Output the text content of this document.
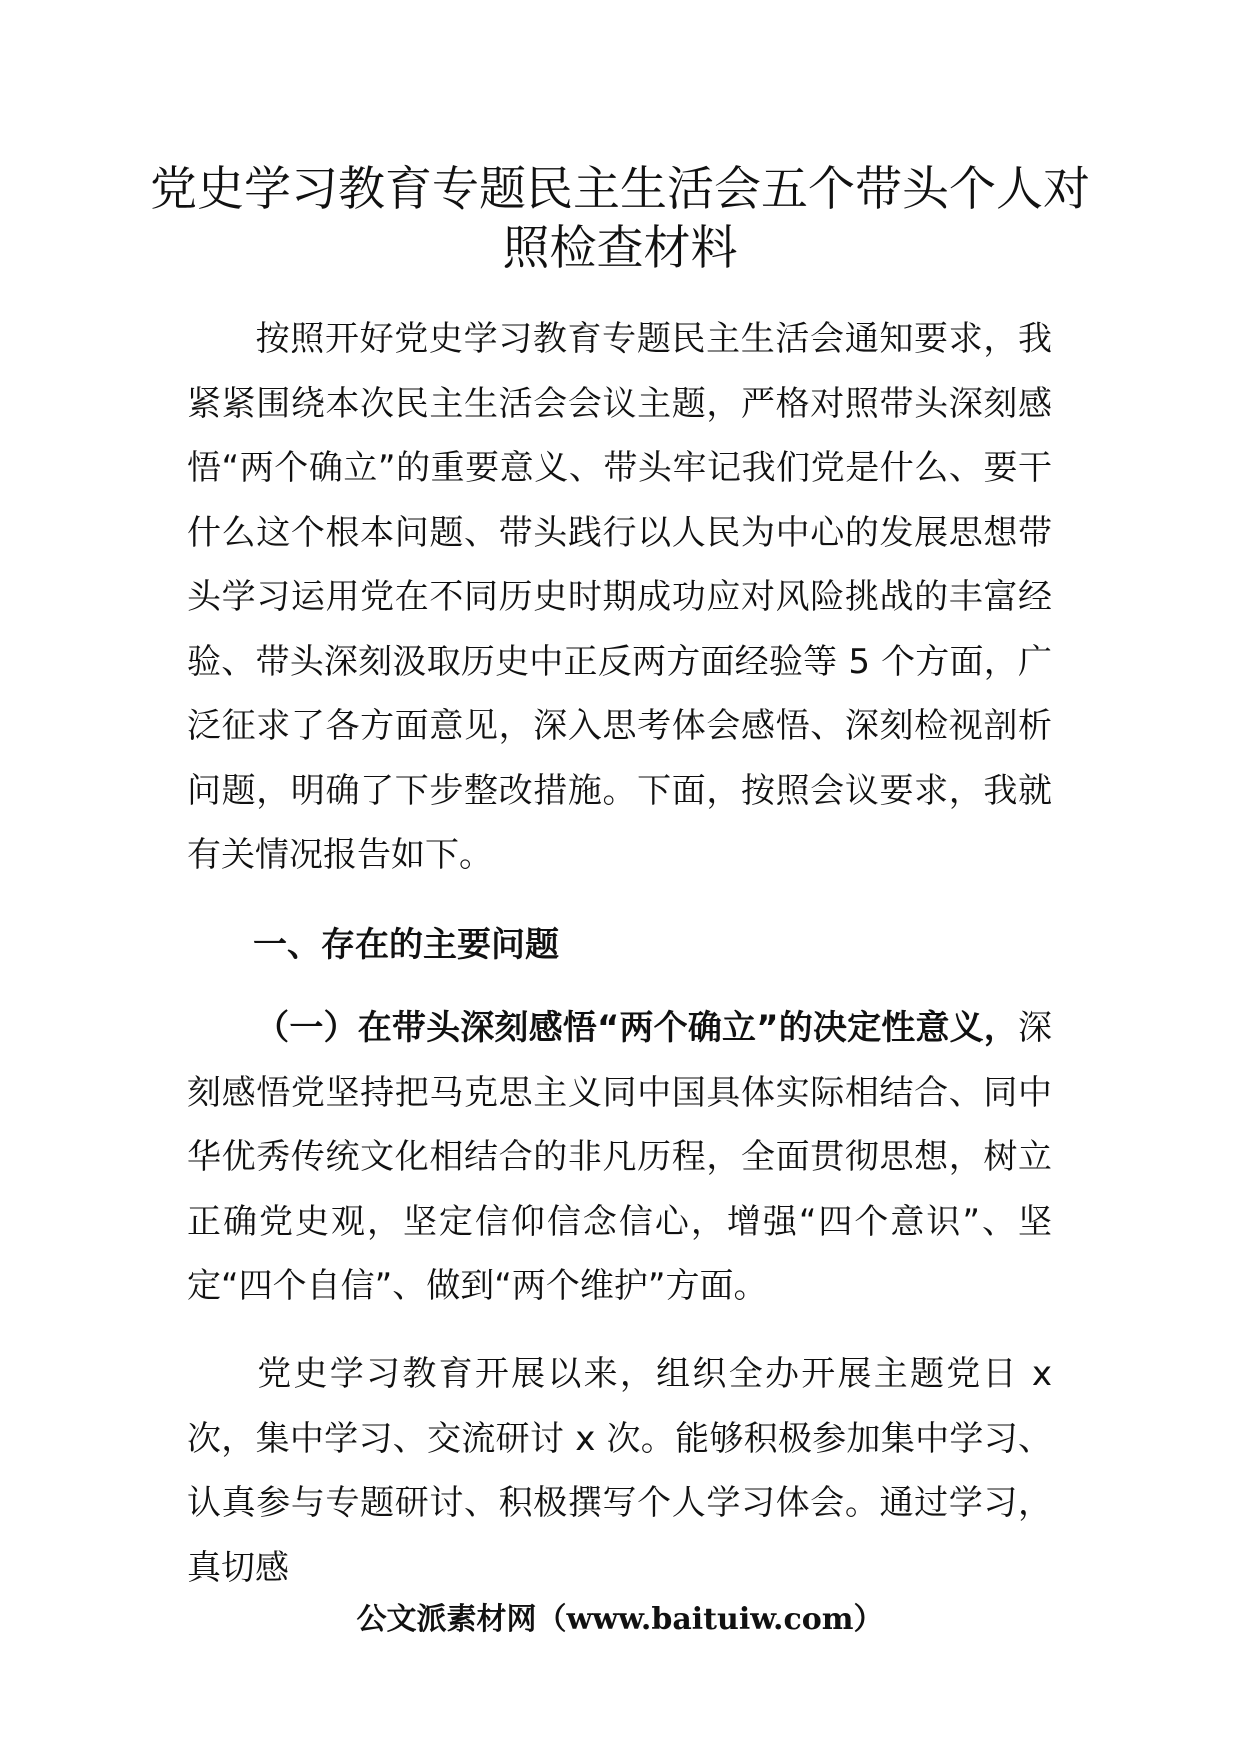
党史学习教育专题民主生活会五个带头个人对照检查材料

按照开好党史学习教育专题民主生活会通知要求，我紧紧围绕本次民主生活会会议主题，严格对照带头深刻感悟“两个确立”的重要意义、带头牢记我们党是什么、要干什么这个根本问题、带头践行以人民为中心的发展思想带头学习运用党在不同历史时期成功应对风险挑战的丰富经验、带头深刻汲取历史中正反两方面经验等 5 个方面，广泛征求了各方面意见，深入思考体会感悟、深刻检视剖析问题，明确了下步整改措施。下面，按照会议要求，我就有关情况报告如下。

一、存在的主要问题

（一）在带头深刻感悟“两个确立”的决定性意义，深刻感悟党坚持把马克思主义同中国具体实际相结合、同中华优秀传统文化相结合的非凡历程，全面贯彻思想，树立正确党史观，坚定信仰信念信心，增强“四个意识”、坚定“四个自信”、做到“两个维护”方面。

党史学习教育开展以来，组织全办开展主题党日 x 次，集中学习、交流研讨 x 次。能够积极参加集中学习、认真参与专题研讨、积极撰写个人学习体会。通过学习，真切感

公文派素材网（www.baituiw.com）
